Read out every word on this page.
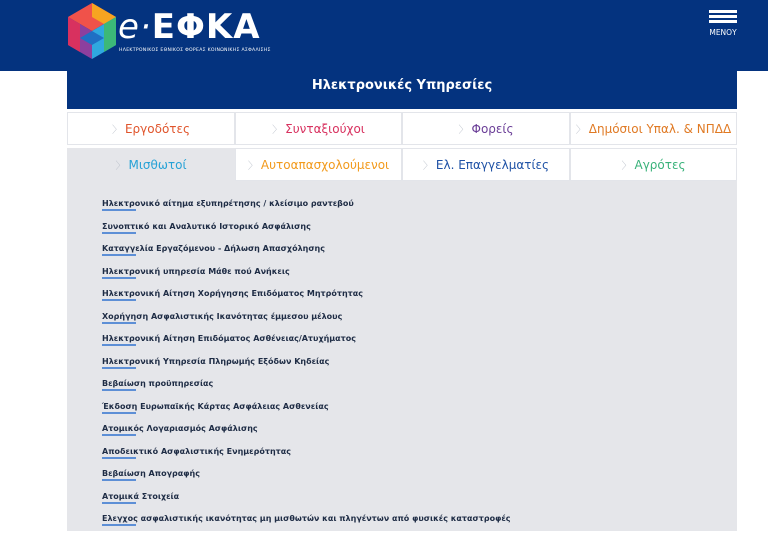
e·ΕΦΚΑ
ΗΛΕΚΤΡΟΝΙΚΟΣ ΕΘΝΙΚΟΣ ΦΟΡΕΑΣ ΚΟΙΝΩΝΙΚΗΣ ΑΣΦΑΛΙΣΗΣ
ΜΕΝΟΥ
Ηλεκτρονικές Υπηρεσίες
〉 Εργοδότες	〉 Συνταξιούχοι	〉 Φορείς	〉 Δημόσιοι Υπαλ. & ΝΠΔΔ
〉 Μισθωτοί	〉 Αυτοαπασχολούμενοι	〉 Ελ. Επαγγελματίες	〉 Αγρότες
Ηλεκτρονικό αίτημα εξυπηρέτησης / κλείσιμο ραντεβού
Συνοπτικό και Αναλυτικό Ιστορικό Ασφάλισης
Καταγγελία Εργαζόμενου - Δήλωση Απασχόλησης
Ηλεκτρονική υπηρεσία Μάθε πού Ανήκεις
Ηλεκτρονική Αίτηση Χορήγησης Επιδόματος Μητρότητας
Χορήγηση Ασφαλιστικής Ικανότητας έμμεσου μέλους
Ηλεκτρονική Αίτηση Επιδόματος Ασθένειας/Ατυχήματος
Ηλεκτρονική Υπηρεσία Πληρωμής Εξόδων Κηδείας
Βεβαίωση προϋπηρεσίας
Έκδοση Ευρωπαϊκής Κάρτας Ασφάλειας Ασθενείας
Ατομικός Λογαριασμός Ασφάλισης
Αποδεικτικό Ασφαλιστικής Ενημερότητας
Βεβαίωση Απογραφής
Ατομικά Στοιχεία
Ελεγχος ασφαλιστικής ικανότητας μη μισθωτών και πληγέντων από φυσικές καταστροφές
